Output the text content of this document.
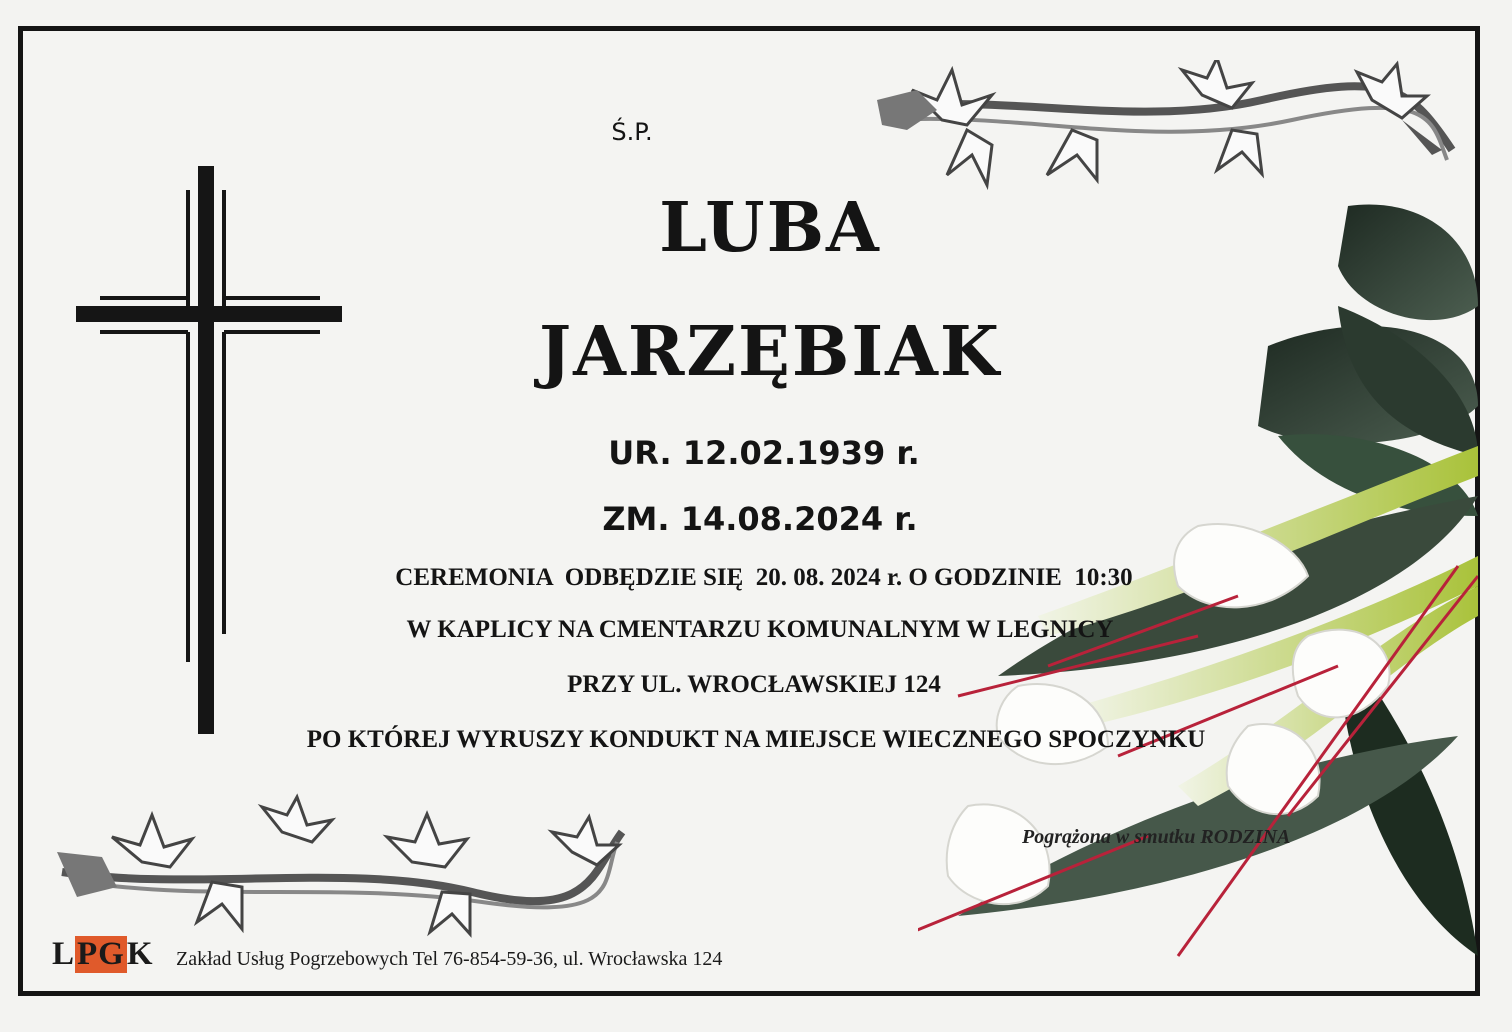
Ś.P.
LUBA
JARZĘBIAK
UR. 12.02.1939 r.
ZM. 14.08.2024 r.
CEREMONIA  ODBĘDZIE SIĘ  20. 08. 2024 r. O GODZINIE  10:30
W KAPLICY NA CMENTARZU KOMUNALNYM W LEGNICY
PRZY UL. WROCŁAWSKIEJ 124
PO KTÓREJ WYRUSZY KONDUKT NA MIEJSCE WIECZNEGO SPOCZYNKU
Pogrążona w smutku RODZINA
L PG K Zakład Usług Pogrzebowych Tel 76-854-59-36, ul. Wrocławska 124
